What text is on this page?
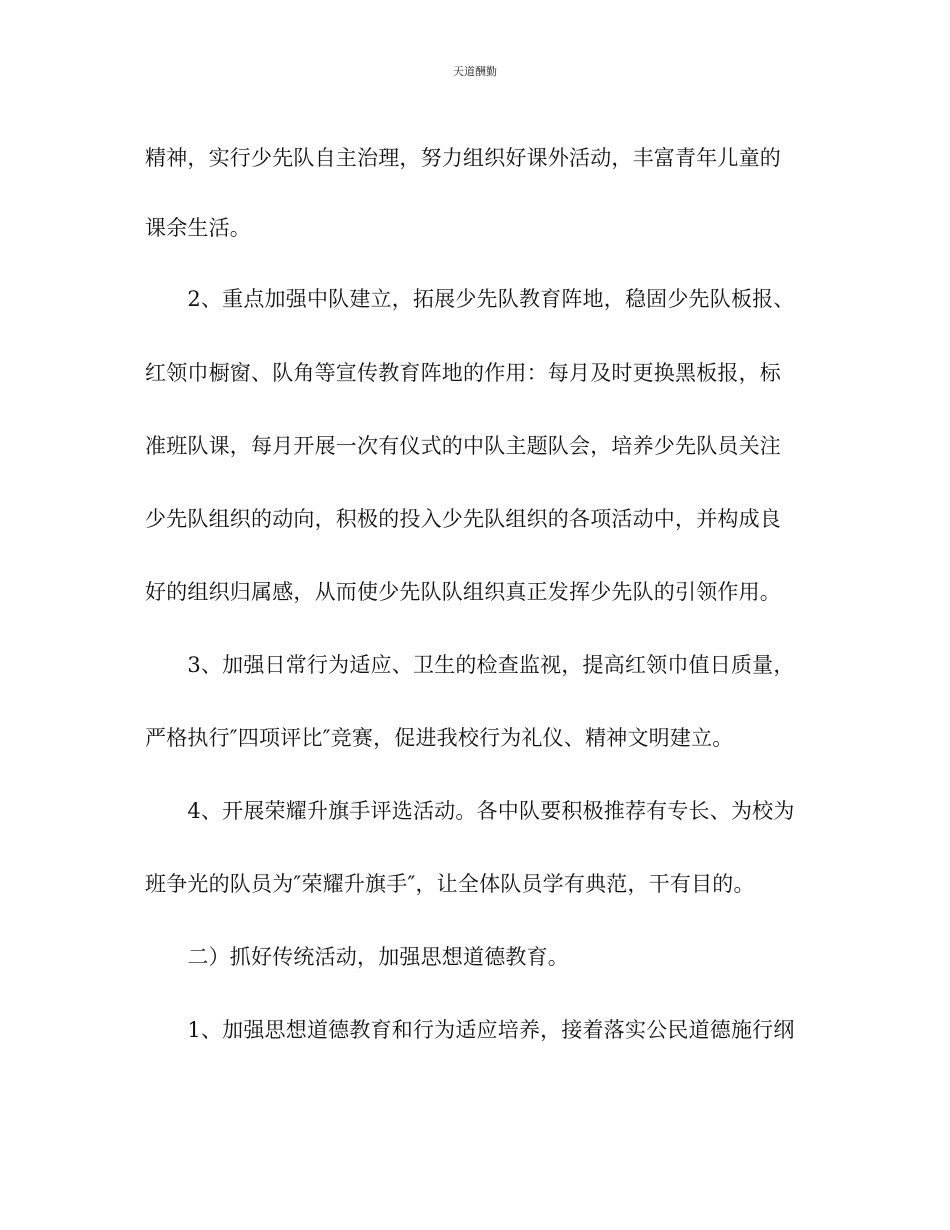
天道酬勤
精神，实行少先队自主治理，努力组织好课外活动，丰富青年儿童的
课余生活。
　　2、重点加强中队建立，拓展少先队教育阵地，稳固少先队板报、
红领巾橱窗、队角等宣传教育阵地的作用：每月及时更换黑板报，标
准班队课，每月开展一次有仪式的中队主题队会，培养少先队员关注
少先队组织的动向，积极的投入少先队组织的各项活动中，并构成良
好的组织归属感，从而使少先队队组织真正发挥少先队的引领作用。
　　3、加强日常行为适应、卫生的检查监视，提高红领巾值日质量，
严格执行″四项评比″竞赛，促进我校行为礼仪、精神文明建立。
　　4、开展荣耀升旗手评选活动。各中队要积极推荐有专长、为校为
班争光的队员为″荣耀升旗手″，让全体队员学有典范，干有目的。
　　二）抓好传统活动，加强思想道德教育。
　　1、加强思想道德教育和行为适应培养，接着落实公民道德施行纲
